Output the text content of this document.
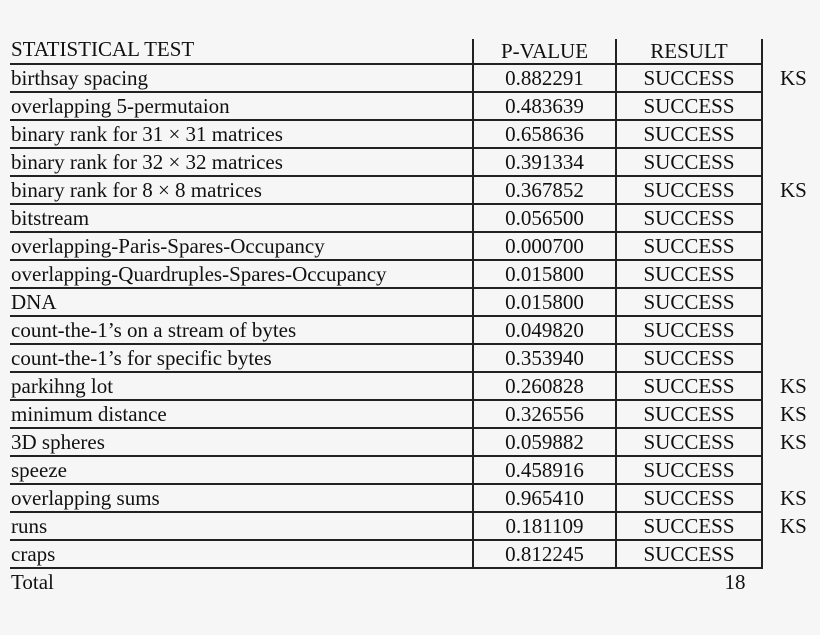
STATISTICAL TEST	P-VALUE	RESULT
birthsay spacing	0.882291	SUCCESS	KS
overlapping 5-permutaion	0.483639	SUCCESS
binary rank for 31 × 31 matrices	0.658636	SUCCESS
binary rank for 32 × 32 matrices	0.391334	SUCCESS
binary rank for 8 × 8 matrices	0.367852	SUCCESS	KS
bitstream	0.056500	SUCCESS
overlapping-Paris-Spares-Occupancy	0.000700	SUCCESS
overlapping-Quardruples-Spares-Occupancy	0.015800	SUCCESS
DNA	0.015800	SUCCESS
count-the-1’s on a stream of bytes	0.049820	SUCCESS
count-the-1’s for specific bytes	0.353940	SUCCESS
parkihng lot	0.260828	SUCCESS	KS
minimum distance	0.326556	SUCCESS	KS
3D spheres	0.059882	SUCCESS	KS
speeze	0.458916	SUCCESS
overlapping sums	0.965410	SUCCESS	KS
runs	0.181109	SUCCESS	KS
craps	0.812245	SUCCESS
Total	18
